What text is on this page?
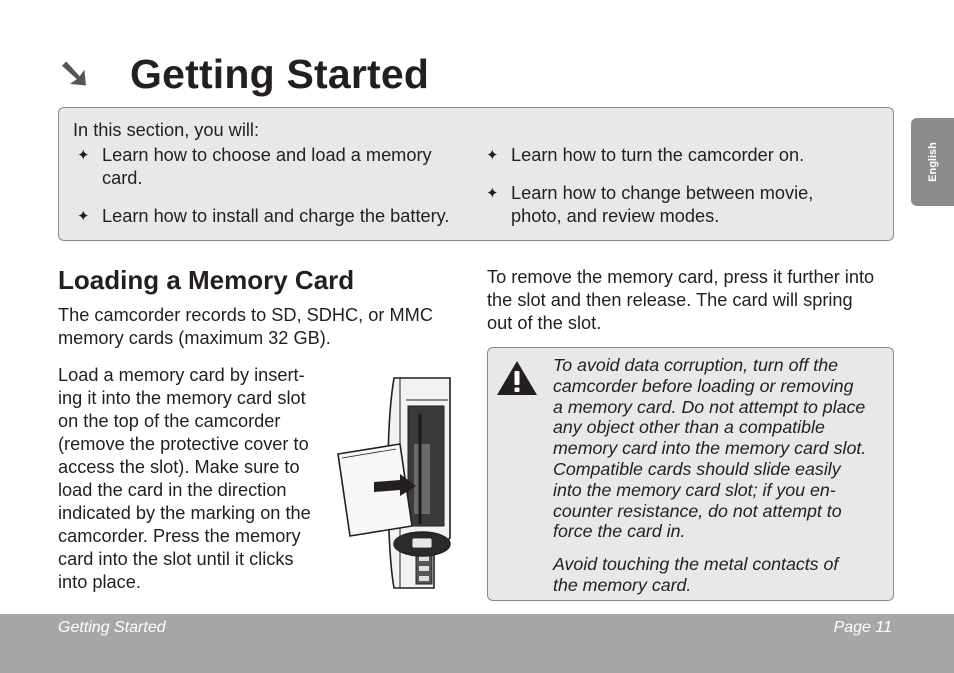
➘ Getting Started
English
In this section, you will:
✦ Learn how to choose and load a memory
card.
✦ Learn how to install and charge the battery.
✦ Learn how to turn the camcorder on.
✦ Learn how to change between movie,
photo, and review modes.
Loading a Memory Card
The camcorder records to SD, SDHC, or MMC
memory cards (maximum 32 GB).
Load a memory card by insert-
ing it into the memory card slot
on the top of the camcorder
(remove the protective cover to
access the slot). Make sure to
load the card in the direction
indicated by the marking on the
camcorder. Press the memory
card into the slot until it clicks
into place.
To remove the memory card, press it further into
the slot and then release. The card will spring
out of the slot.
To avoid data corruption, turn off the
camcorder before loading or removing
a memory card. Do not attempt to place
any object other than a compatible
memory card into the memory card slot.
Compatible cards should slide easily
into the memory card slot; if you en-
counter resistance, do not attempt to
force the card in.
Avoid touching the metal contacts of
the memory card.
Getting Started	Page 11
